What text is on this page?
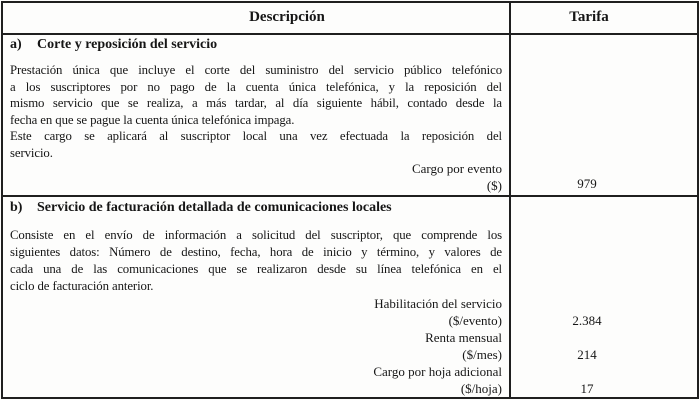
Descripción	Tarifa
a) Corte y reposición del servicio
Prestación única que incluye el corte del suministro del servicio público telefónico
a los suscriptores por no pago de la cuenta única telefónica, y la reposición del
mismo servicio que se realiza, a más tardar, al día siguiente hábil, contado desde la
fecha en que se pague la cuenta única telefónica impaga.
Este cargo se aplicará al suscriptor local una vez efectuada la reposición del
servicio.
Cargo por evento
($)	979
b) Servicio de facturación detallada de comunicaciones locales
Consiste en el envío de información a solicitud del suscriptor, que comprende los
siguientes datos: Número de destino, fecha, hora de inicio y término, y valores de
cada una de las comunicaciones que se realizaron desde su línea telefónica en el
ciclo de facturación anterior.
Habilitación del servicio
($/evento)
Renta mensual
($/mes)
Cargo por hoja adicional
($/hoja)
2.384
214
17
